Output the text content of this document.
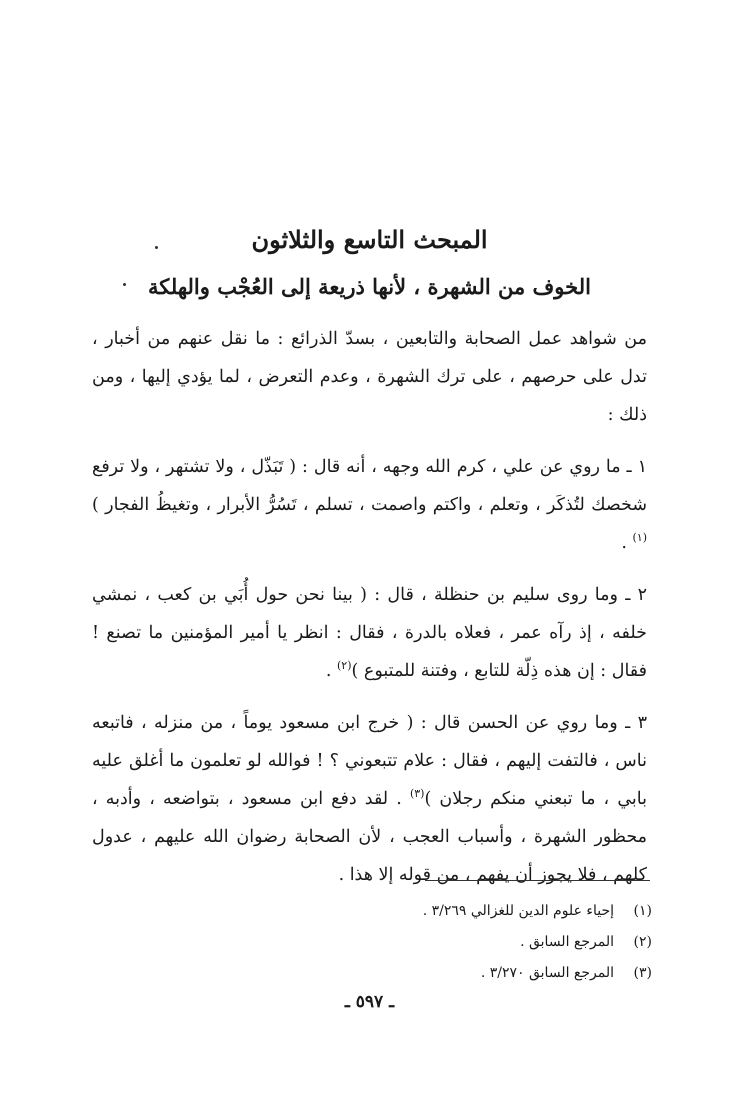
المبحث التاسع والثلاثون
الخوف من الشهرة ، لأنها ذريعة إلى العُجْب والهلكة

من شواهد عمل الصحابة والتابعين ، بسدّ الذرائع : ما نقل عنهم من أخبار ، تدل على حرصهم ، على ترك الشهرة ، وعدم التعرض ، لما يؤدي إليها ، ومن ذلك :

١ ـ ما روي عن علي ، كرم الله وجهه ، أنه قال : ( تَبَذّل ، ولا تشتهر ، ولا ترفع شخصك لتُذكَر ، وتعلم ، واكتم واصمت ، تسلم ، تَسُرُّ الأبرار ، وتغيظُ الفجار )$^{(١)}$ .

٢ ـ وما روى سليم بن حنظلة ، قال : ( بينا نحن حول أُبَي بن كعب ، نمشي خلفه ، إذ رآه عمر ، فعلاه بالدرة ، فقال : انظر يا أمير المؤمنين ما تصنع ! فقال : إن هذه ذِلّة للتابع ، وفتنة للمتبوع )$^{(٢)}$ .

٣ ـ وما روي عن الحسن قال : ( خرج ابن مسعود يوماً ، من منزله ، فاتبعه ناس ، فالتفت إليهم ، فقال : علام تتبعوني ؟ ! فوالله لو تعلمون ما أغلق عليه بابي ، ما تبعني منكم رجلان )$^{(٣)}$ . لقد دفع ابن مسعود ، بتواضعه ، وأدبه ، محظور الشهرة ، وأسباب العجب ، لأن الصحابة رضوان الله عليهم ، عدول كلهم ، فلا يجوز أن يفهم ، من قوله إلا هذا .

(١)
إحياء علوم الدين للغزالي ٣/٢٦٩ .
(٢)
المرجع السابق .
(٣)
المرجع السابق ٣/٢٧٠ .
ـ ٥٩٧ ـ
